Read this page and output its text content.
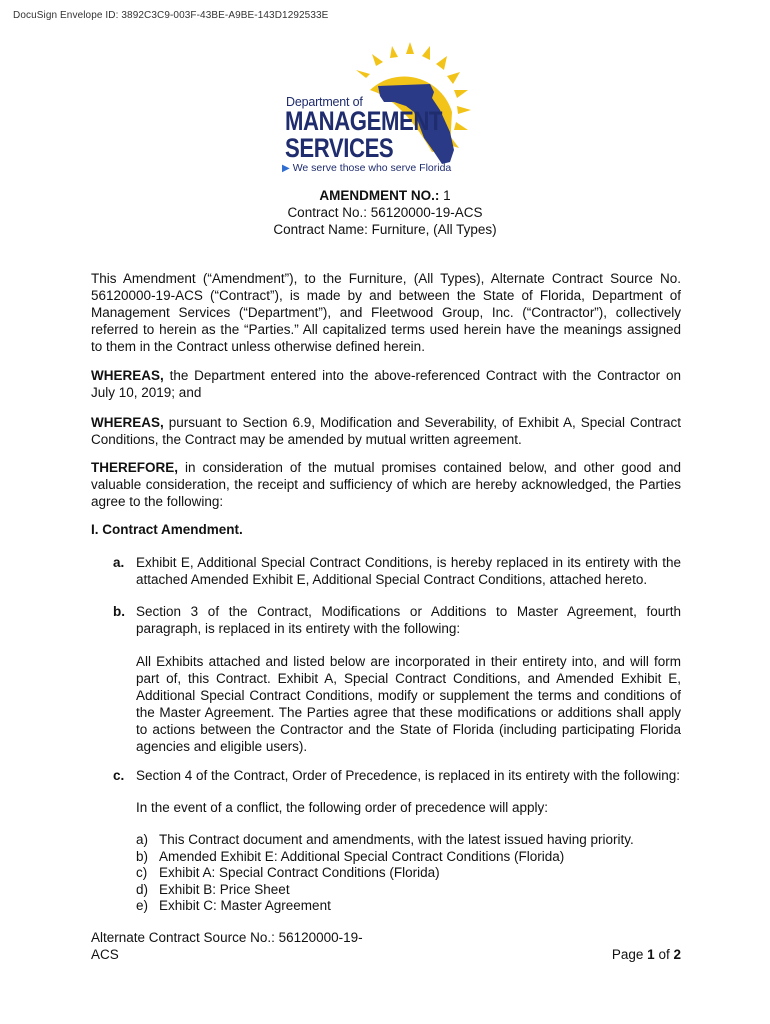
DocuSign Envelope ID: 3892C3C9-003F-43BE-A9BE-143D1292533E
Department of
MANAGEMENT
SERVICES
▶ We serve those who serve Florida
AMENDMENT NO.: 1
Contract No.: 56120000-19-ACS
Contract Name: Furniture, (All Types)
This Amendment (“Amendment”), to the Furniture, (All Types), Alternate Contract Source No. 56120000-19-ACS (“Contract”), is made by and between the State of Florida, Department of Management Services (“Department”), and Fleetwood Group, Inc. (“Contractor”), collectively referred to herein as the “Parties.” All capitalized terms used herein have the meanings assigned to them in the Contract unless otherwise defined herein.
WHEREAS, the Department entered into the above-referenced Contract with the Contractor on July 10, 2019; and
WHEREAS, pursuant to Section 6.9, Modification and Severability, of Exhibit A, Special Contract Conditions, the Contract may be amended by mutual written agreement.
THEREFORE, in consideration of the mutual promises contained below, and other good and valuable consideration, the receipt and sufficiency of which are hereby acknowledged, the Parties agree to the following:
I. Contract Amendment.
a. Exhibit E, Additional Special Contract Conditions, is hereby replaced in its entirety with the attached Amended Exhibit E, Additional Special Contract Conditions, attached hereto.
b. Section 3 of the Contract, Modifications or Additions to Master Agreement, fourth paragraph, is replaced in its entirety with the following:
All Exhibits attached and listed below are incorporated in their entirety into, and will form part of, this Contract. Exhibit A, Special Contract Conditions, and Amended Exhibit E, Additional Special Contract Conditions, modify or supplement the terms and conditions of the Master Agreement. The Parties agree that these modifications or additions shall apply to actions between the Contractor and the State of Florida (including participating Florida agencies and eligible users).
c. Section 4 of the Contract, Order of Precedence, is replaced in its entirety with the following:
In the event of a conflict, the following order of precedence will apply:
a) This Contract document and amendments, with the latest issued having priority.
b) Amended Exhibit E: Additional Special Contract Conditions (Florida)
c) Exhibit A: Special Contract Conditions (Florida)
d) Exhibit B: Price Sheet
e) Exhibit C: Master Agreement
Alternate Contract Source No.: 56120000-19-
ACS	Page 1 of 2
